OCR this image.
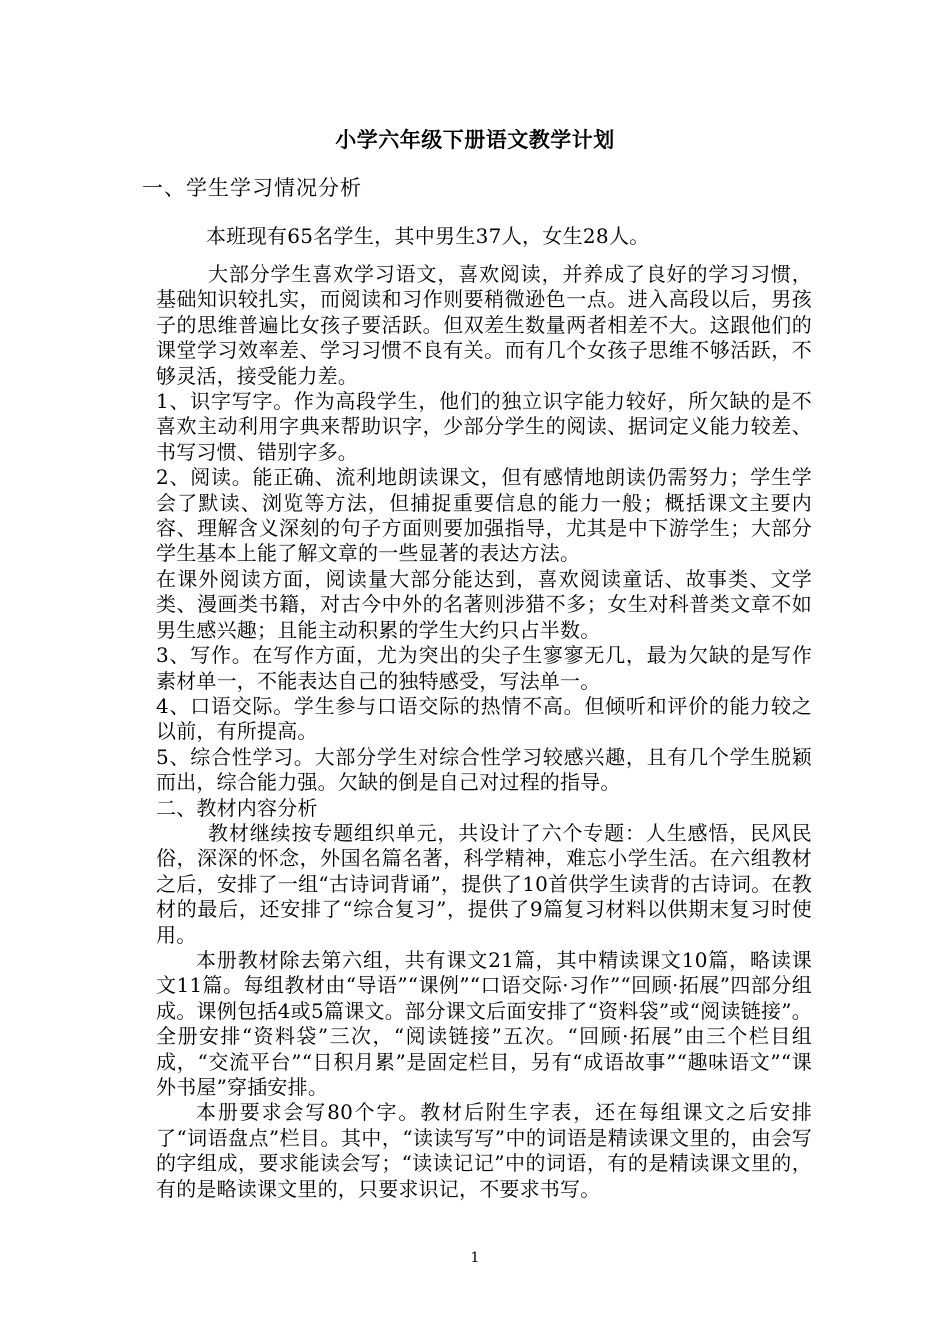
小学六年级下册语文教学计划
一、学生学习情况分析
本班现有65名学生，其中男生37人，女生28人。

大部分学生喜欢学习语文，喜欢阅读，并养成了良好的学习习惯，基础知识较扎实，而阅读和习作则要稍微逊色一点。进入高段以后，男孩子的思维普遍比女孩子要活跃。但双差生数量两者相差不大。这跟他们的课堂学习效率差、学习习惯不良有关。而有几个女孩子思维不够活跃，不够灵活，接受能力差。

1、识字写字。作为高段学生，他们的独立识字能力较好，所欠缺的是不喜欢主动利用字典来帮助识字，少部分学生的阅读、据词定义能力较差、书写习惯、错别字多。

2、阅读。能正确、流利地朗读课文，但有感情地朗读仍需努力；学生学会了默读、浏览等方法，但捕捉重要信息的能力一般；概括课文主要内容、理解含义深刻的句子方面则要加强指导，尤其是中下游学生；大部分学生基本上能了解文章的一些显著的表达方法。

在课外阅读方面，阅读量大部分能达到，喜欢阅读童话、故事类、文学类、漫画类书籍，对古今中外的名著则涉猎不多；女生对科普类文章不如男生感兴趣；且能主动积累的学生大约只占半数。

3、写作。在写作方面，尤为突出的尖子生寥寥无几，最为欠缺的是写作素材单一，不能表达自己的独特感受，写法单一。

4、口语交际。学生参与口语交际的热情不高。但倾听和评价的能力较之以前，有所提高。

5、综合性学习。大部分学生对综合性学习较感兴趣，且有几个学生脱颖而出，综合能力强。欠缺的倒是自己对过程的指导。

二、教材内容分析

教材继续按专题组织单元，共设计了六个专题：人生感悟，民风民俗，深深的怀念，外国名篇名著，科学精神，难忘小学生活。在六组教材之后，安排了一组“古诗词背诵”，提供了10首供学生读背的古诗词。在教材的最后，还安排了“综合复习”，提供了9篇复习材料以供期末复习时使用。

本册教材除去第六组，共有课文21篇，其中精读课文10篇，略读课文11篇。每组教材由“导语”“课例”“口语交际·习作”“回顾·拓展”四部分组成。课例包括4或5篇课文。部分课文后面安排了“资料袋”或“阅读链接”。全册安排“资料袋”三次，“阅读链接”五次。“回顾·拓展”由三个栏目组成，“交流平台”“日积月累”是固定栏目，另有“成语故事”“趣味语文”“课外书屋”穿插安排。

本册要求会写80个字。教材后附生字表，还在每组课文之后安排了“词语盘点”栏目。其中，“读读写写”中的词语是精读课文里的，由会写的字组成，要求能读会写；“读读记记”中的词语，有的是精读课文里的，有的是略读课文里的，只要求识记，不要求书写。

1
